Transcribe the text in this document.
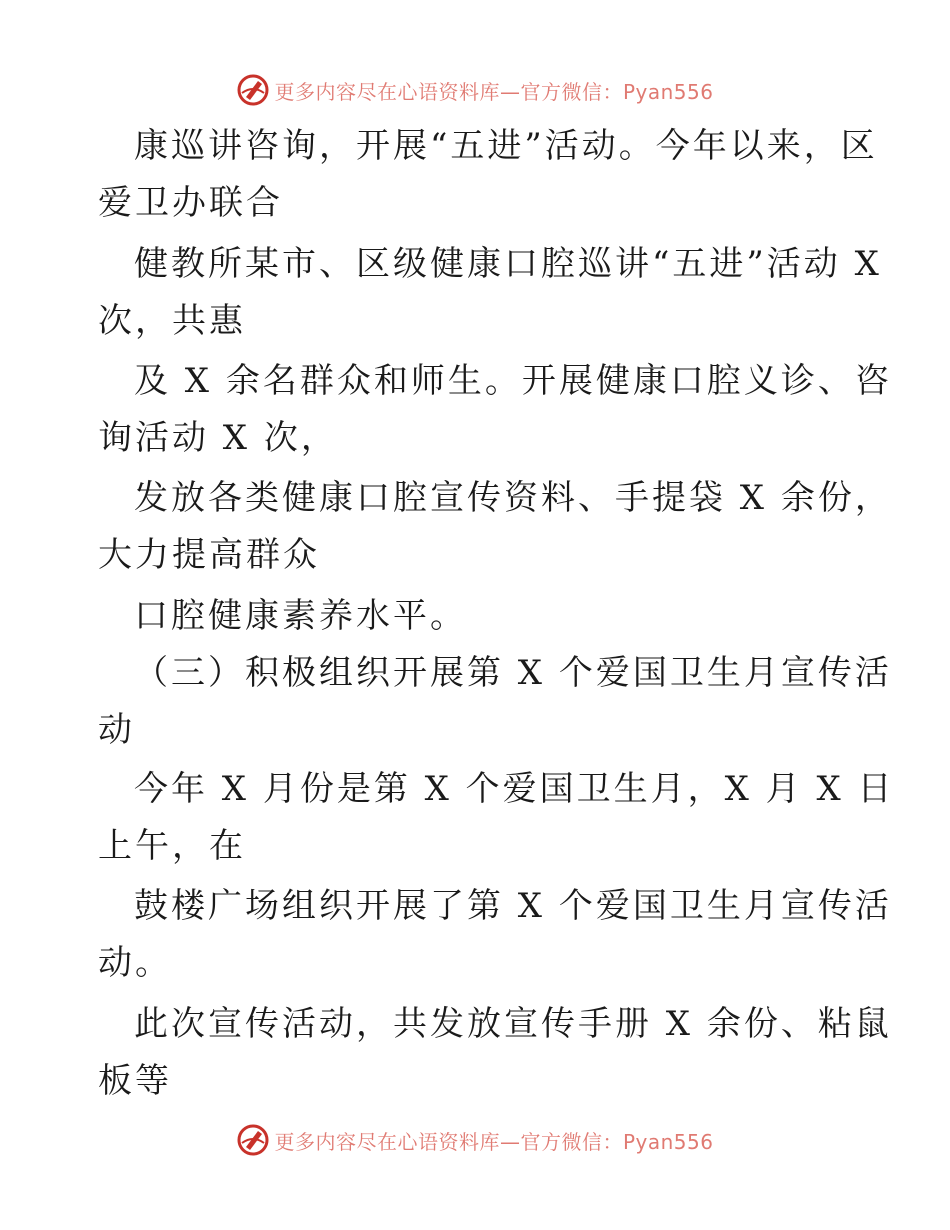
更多内容尽在心语资料库—官方微信：Pyan556
康巡讲咨询，开展“五进”活动。今年以来，区
爱卫办联合
健教所某市、区级健康口腔巡讲“五进”活动 X
次，共惠
及 X 余名群众和师生。开展健康口腔义诊、咨
询活动 X 次，
发放各类健康口腔宣传资料、手提袋 X 余份，
大力提高群众
口腔健康素养水平。
（三）积极组织开展第 X 个爱国卫生月宣传活
动
今年 X 月份是第 X 个爱国卫生月，X 月 X 日
上午，在
鼓楼广场组织开展了第 X 个爱国卫生月宣传活
动。
此次宣传活动，共发放宣传手册 X 余份、粘鼠
板等
更多内容尽在心语资料库—官方微信：Pyan556
